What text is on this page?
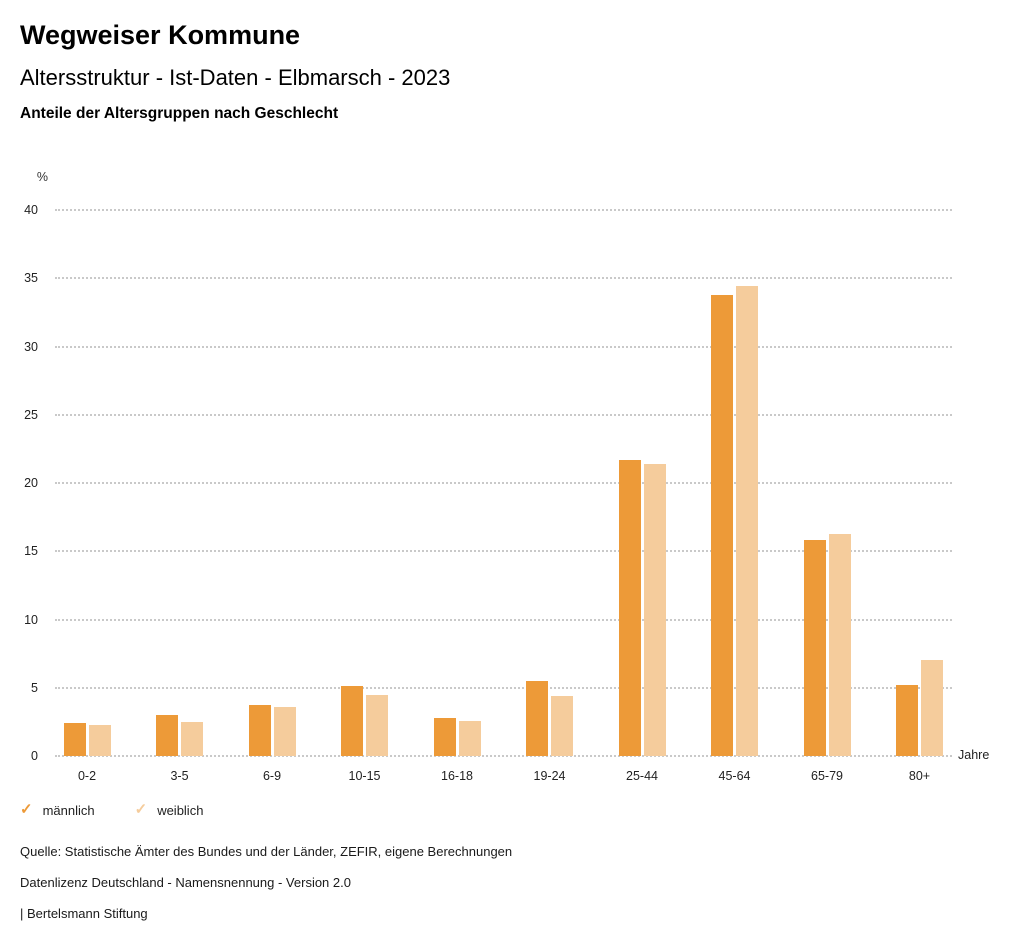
Wegweiser Kommune
Altersstruktur - Ist-Daten - Elbmarsch - 2023
Anteile der Altersgruppen nach Geschlecht
%
Jahre
40
35
30
25
20
15
10
5
0
0-2	3-5	6-9	10-15	16-18	19-24	25-44	45-64	65-79	80+
✓ männlich	✓ weiblich
Quelle: Statistische Ämter des Bundes und der Länder, ZEFIR, eigene Berechnungen
Datenlizenz Deutschland - Namensnennung - Version 2.0
| Bertelsmann Stiftung
